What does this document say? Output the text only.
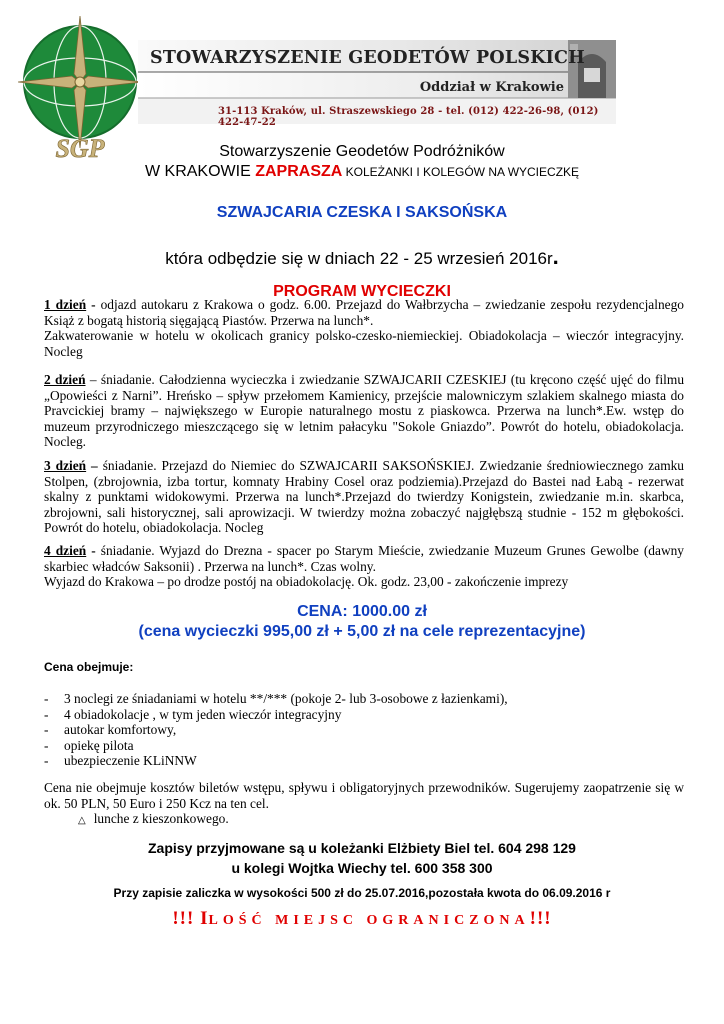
SGP
STOWARZYSZENIE GEODETÓW POLSKICH
Oddział w Krakowie
31-113 Kraków, ul. Straszewskiego 28 - tel. (012) 422-26-98, (012) 422-47-22
Stowarzyszenie Geodetów Podróżników
W KRAKOWIE ZAPRASZA KOLEŻANKI I KOLEGÓW NA WYCIECZKĘ
SZWAJCARIA CZESKA I SAKSOŃSKA
która odbędzie się w dniach 22 - 25 wrzesień 2016r.
PROGRAM WYCIECZKI

1 dzień - odjazd autokaru z Krakowa o godz. 6.00. Przejazd do Wałbrzycha – zwiedzanie zespołu rezydencjalnego Książ z bogatą historią sięgającą Piastów. Przerwa na lunch*.

Zakwaterowanie w hotelu w okolicach granicy polsko-czesko-niemieckiej. Obiadokolacja – wieczór integracyjny. Nocleg

2 dzień – śniadanie. Całodzienna wycieczka i zwiedzanie SZWAJCARII CZESKIEJ (tu kręcono część ujęć do filmu „Opowieści z Narni”. Hreńsko – spływ przełomem Kamienicy, przejście malowniczym szlakiem skalnego miasta do Pravcickiej bramy – największego w Europie naturalnego mostu z piaskowca. Przerwa na lunch*.Ew. wstęp do muzeum przyrodniczego mieszczącego się w letnim pałacyku "Sokole Gniazdo”. Powrót do hotelu, obiadokolacja. Nocleg.

3 dzień – śniadanie. Przejazd do Niemiec do SZWAJCARII SAKSOŃSKIEJ. Zwiedzanie średniowiecznego zamku Stolpen, (zbrojownia, izba tortur, komnaty Hrabiny Cosel oraz podziemia).Przejazd do Bastei nad Łabą - rezerwat skalny z punktami widokowymi. Przerwa na lunch*.Przejazd do twierdzy Konigstein, zwiedzanie m.in. skarbca, zbrojowni, sali historycznej, sali aprowizacji. W twierdzy można zobaczyć najgłębszą studnie - 152 m głębokości. Powrót do hotelu, obiadokolacja. Nocleg

4 dzień - śniadanie. Wyjazd do Drezna - spacer po Starym Mieście, zwiedzanie Muzeum Grunes Gewolbe (dawny skarbiec władców Saksonii) . Przerwa na lunch*. Czas wolny.

Wyjazd do Krakowa – po drodze postój na obiadokolację. Ok. godz. 23,00 - zakończenie imprezy

CENA: 1000.00 zł
(cena wycieczki 995,00 zł + 5,00 zł na cele reprezentacyjne)
Cena obejmuje:
- 3 noclegi ze śniadaniami w hotelu **/*** (pokoje 2- lub 3-osobowe z łazienkami),
- 4 obiadokolacje , w tym jeden wieczór integracyjny
- autokar komfortowy,
- opiekę pilota
- ubezpieczenie KLiNNW
Cena nie obejmuje kosztów biletów wstępu, spływu i obligatoryjnych przewodników. Sugerujemy zaopatrzenie się w ok. 50 PLN, 50 Euro i 250 Kcz na ten cel.
△ lunche z kieszonkowego.
Zapisy przyjmowane są u koleżanki Elżbiety Biel tel. 604 298 129
u kolegi Wojtka Wiechy tel. 600 358 300
Przy zapisie zaliczka w wysokości 500 zł do 25.07.2016,pozostała kwota do 06.09.2016 r
!!! ILOŚĆ MIEJSC OGRANICZONA!!!
